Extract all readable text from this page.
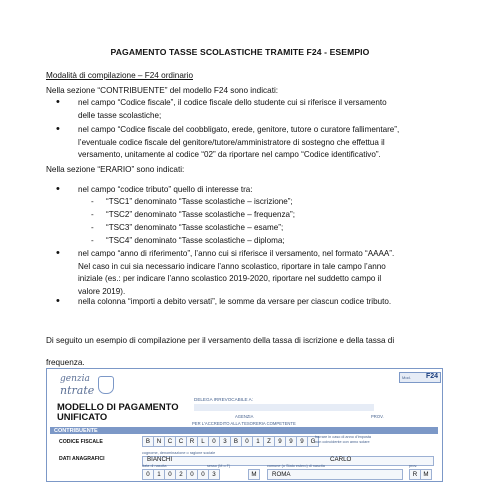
PAGAMENTO TASSE SCOLASTICHE TRAMITE F24 - ESEMPIO
Modalità di compilazione – F24 ordinario
Nella sezione “CONTRIBUENTE” del modello F24 sono indicati:
• nel campo “Codice fiscale”, il codice fiscale dello studente cui si riferisce il versamento
delle tasse scolastiche;
• nel campo “Codice fiscale del coobbligato, erede, genitore, tutore o curatore fallimentare”,
l’eventuale codice fiscale del genitore/tutore/amministratore di sostegno che effettua il
versamento, unitamente al codice “02” da riportare nel campo “Codice identificativo”.
Nella sezione “ERARIO” sono indicati:
• nel campo “codice tributo” quello di interesse tra:
- “TSC1” denominato “Tasse scolastiche – iscrizione”;
- “TSC2” denominato “Tasse scolastiche – frequenza”;
- “TSC3” denominato “Tasse scolastiche – esame”;
- “TSC4” denominato “Tasse scolastiche – diploma;
• nel campo “anno di riferimento”, l’anno cui si riferisce il versamento, nel formato “AAAA”.
Nel caso in cui sia necessario indicare l’anno scolastico, riportare in tale campo l’anno
iniziale (es.: per indicare l’anno scolastico 2019-2020, riportare nel suddetto campo il
valore 2019).
• nella colonna “importi a debito versati”, le somme da versare per ciascun codice tributo.
Di seguito un esempio di compilazione per il versamento della tassa di iscrizione e della tassa di
frequenza.
genzia
ntrate
Mod. F24
DELEGA IRREVOCABILE A:
AGENZIA	PROV.
PER L'ACCREDITO ALLA TESORERIA COMPETENTE
MODELLO DI PAGAMENTO
UNIFICATO
CONTRIBUENTE
CODICE FISCALE	B	N	C	C	R	L	0	3	B	0	1	Z	9	9	9	G
barrare in caso di anno d'imposta
non coincidente con anno solare
DATI ANAGRAFICI
cognome, denominazione o ragione sociale
BIANCHI	CARLO
data di nascita	sesso (M o F)	comune (o Stato estero) di nascita	prov.
0	1	0	2	0	0	3	M	ROMA	R M
